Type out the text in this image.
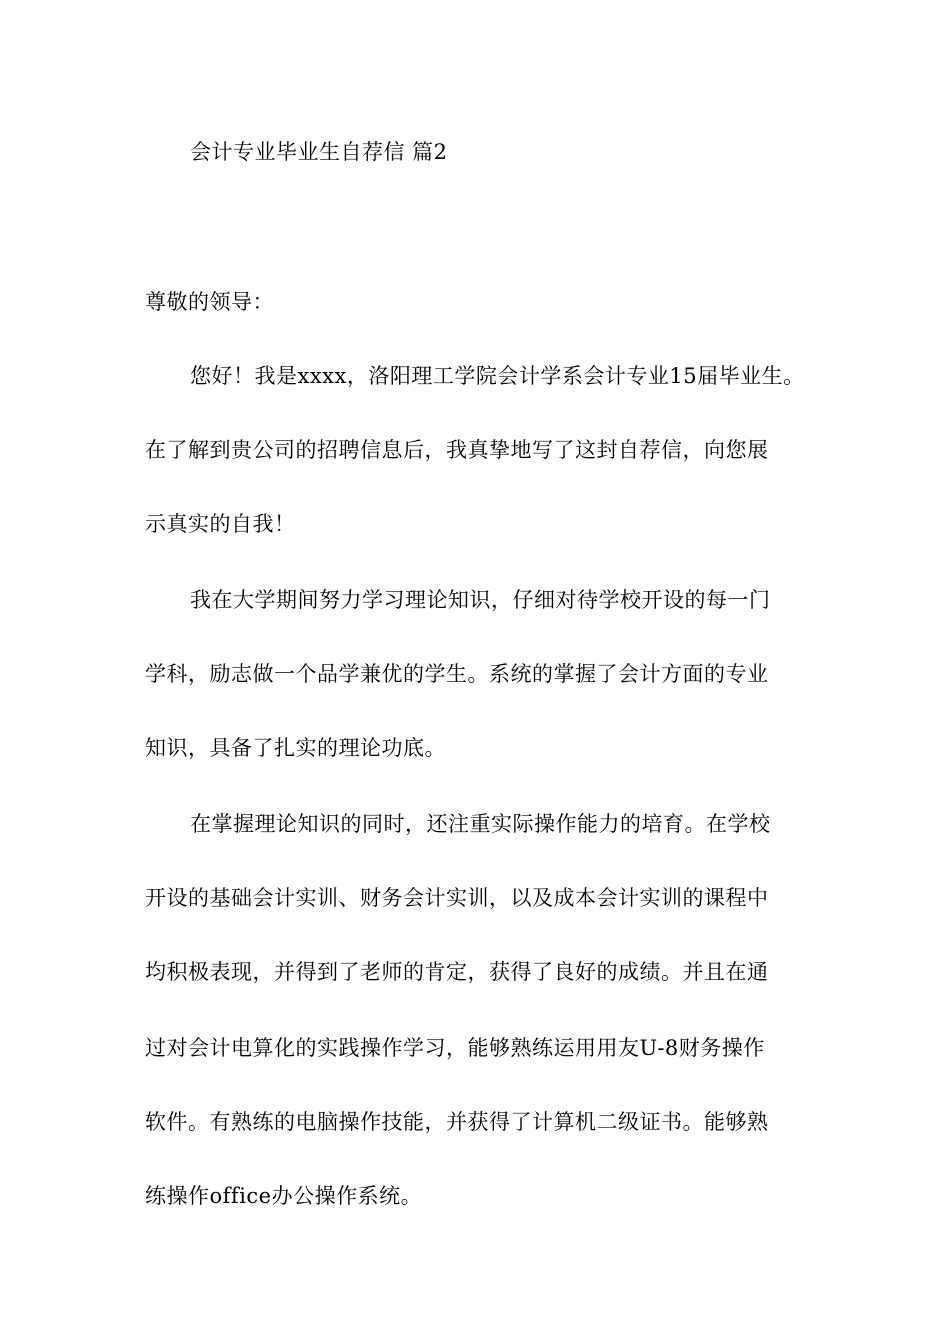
会计专业毕业生自荐信 篇2
尊敬的领导：
您好！我是xxxx，洛阳理工学院会计学系会计专业15届毕业生。
在了解到贵公司的招聘信息后，我真挚地写了这封自荐信，向您展
示真实的自我！
我在大学期间努力学习理论知识，仔细对待学校开设的每一门
学科，励志做一个品学兼优的学生。系统的掌握了会计方面的专业
知识，具备了扎实的理论功底。
在掌握理论知识的同时，还注重实际操作能力的培育。在学校
开设的基础会计实训、财务会计实训，以及成本会计实训的课程中
均积极表现，并得到了老师的肯定，获得了良好的成绩。并且在通
过对会计电算化的实践操作学习，能够熟练运用用友U-8财务操作
软件。有熟练的电脑操作技能，并获得了计算机二级证书。能够熟
练操作office办公操作系统。
